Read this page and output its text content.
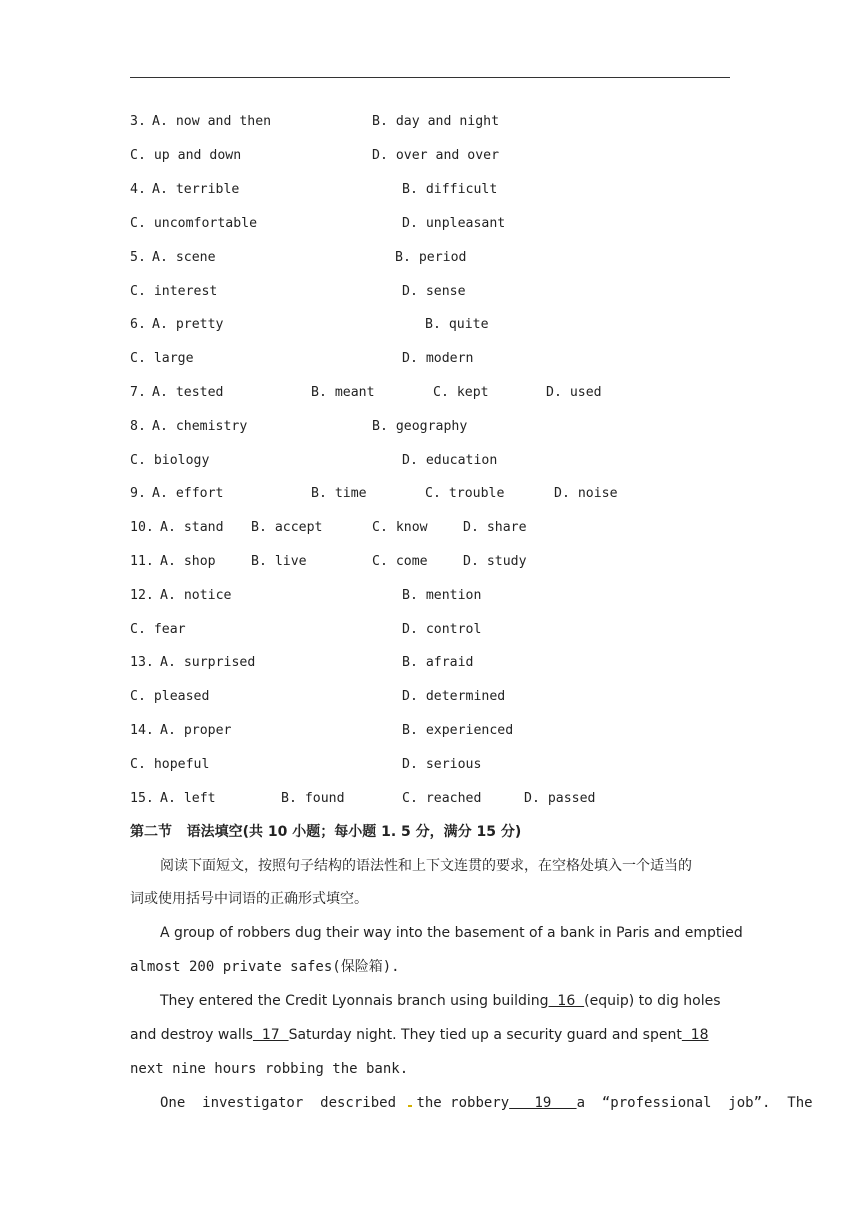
3. A. now and then	B. day and night
C. up and down	D. over and over
4. A. terrible	B. difficult
C. uncomfortable	D. unpleasant
5. A. scene	B. period
C. interest	D. sense
6. A. pretty	B. quite
C. large	D. modern
7. A. tested	B. meant	C. kept	D. used
8. A. chemistry	B. geography
C. biology	D. education
9. A. effort	B. time	C. trouble	D. noise
10. A. stand B. accept	C. know	D. share
11. A. shop	B. live	C. come	D. study
12. A. notice	B. mention
C. fear	D. control
13. A. surprised	B. afraid
C. pleased	D. determined
14. A. proper	B. experienced
C. hopeful	D. serious
15. A. left	B. found	C. reached	D. passed
第二节   语法填空(共 10 小题；每小题 1. 5 分，满分 15 分)
阅读下面短文，按照句子结构的语法性和上下文连贯的要求，在空格处填入一个适当的
词或使用括号中词语的正确形式填空。
A group of robbers dug their way into the basement of a bank in Paris and emptied
almost 200 private safes(保险箱).
They entered the Credit Lyonnais branch using building  16  (equip) to dig holes
and destroy walls  17  Saturday night. They tied up a security guard and spent  18
next nine hours robbing the bank.
One  investigator  described the robbery   19   a  “professional  job”.  The
